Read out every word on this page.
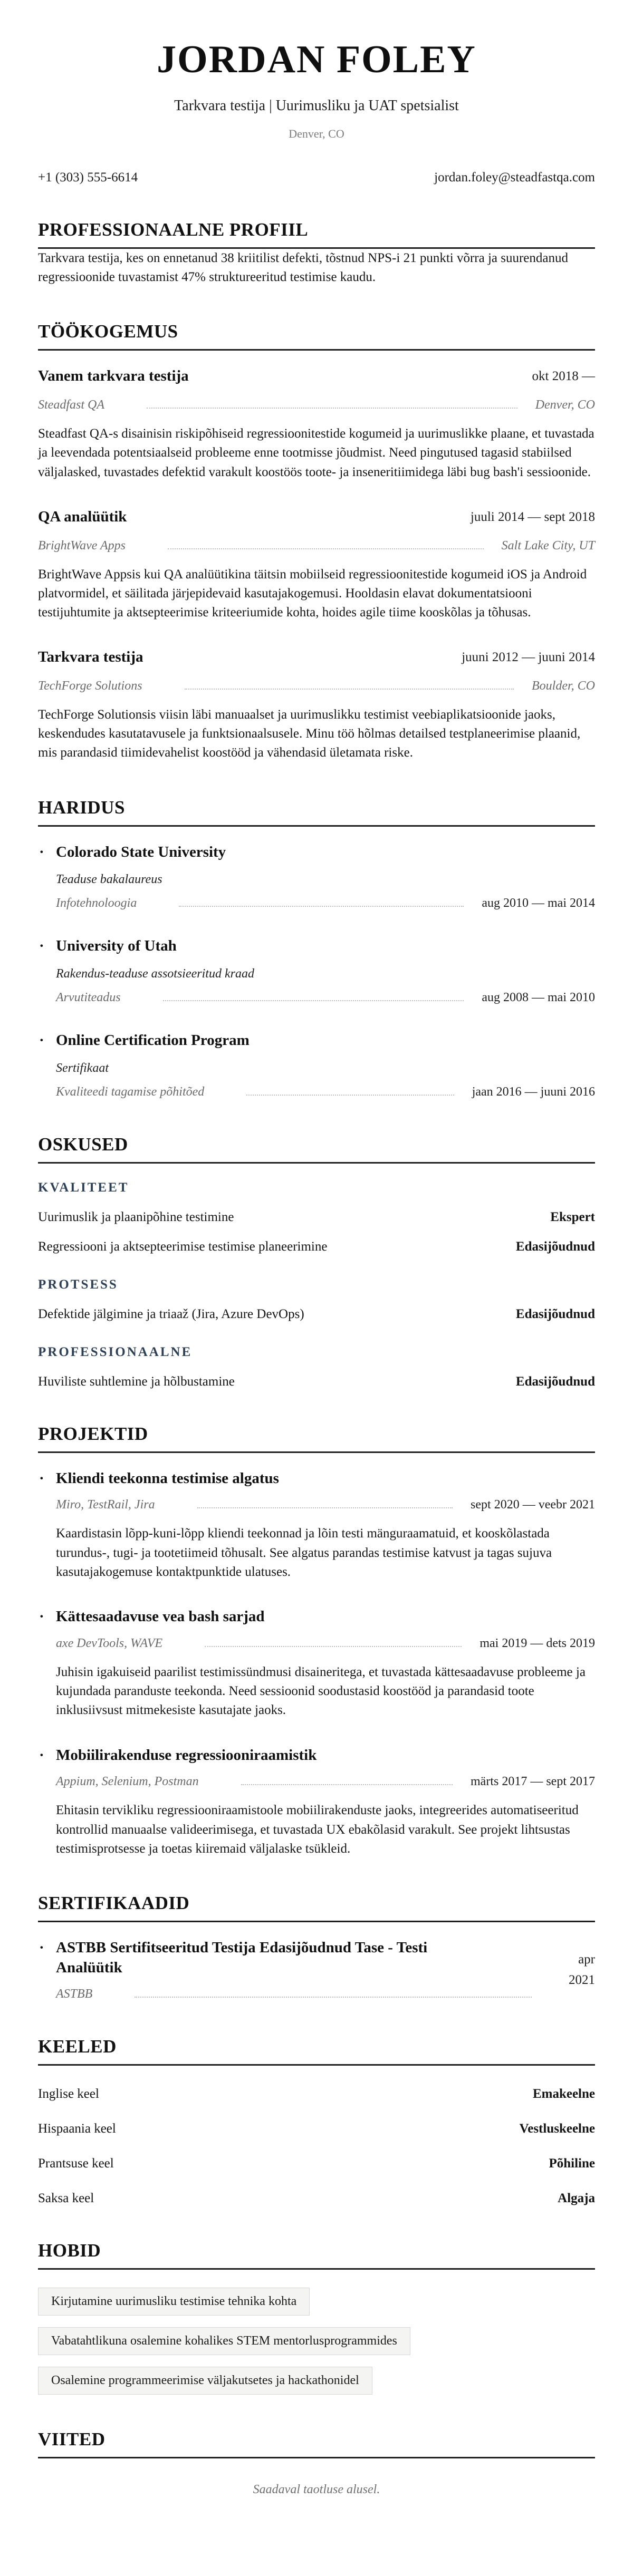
JORDAN FOLEY

Tarkvara testija | Uurimusliku ja UAT spetsialist

Denver, CO

+1 (303) 555-6614	jordan.foley@steadfastqa.com
PROFESSIONAALNE PROFIIL

Tarkvara testija, kes on ennetanud 38 kriitilist defekti, tõstnud NPS-i 21 punkti võrra ja suurendanud regressioonide tuvastamist 47% struktureeritud testimise kaudu.

TÖÖKOGEMUS
Vanem tarkvara testija	okt 2018 —
Steadfast QA	Denver, CO

Steadfast QA-s disainisin riskipõhiseid regressioonitestide kogumeid ja uurimuslikke plaane, et tuvastada ja leevendada potentsiaalseid probleeme enne tootmisse jõudmist. Need pingutused tagasid stabiilsed väljalasked, tuvastades defektid varakult koostöös toote- ja inseneritiimidega läbi bug bash'i sessioonide.

QA analüütik	juuli 2014 — sept 2018
BrightWave Apps	Salt Lake City, UT

BrightWave Appsis kui QA analüütikina täitsin mobiilseid regressioonitestide kogumeid iOS ja Android platvormidel, et säilitada järjepidevaid kasutajakogemusi. Hooldasin elavat dokumentatsiooni testijuhtumite ja aktsepteerimise kriteeriumide kohta, hoides agile tiime kooskõlas ja tõhusas.

Tarkvara testija	juuni 2012 — juuni 2014
TechForge Solutions	Boulder, CO

TechForge Solutionsis viisin läbi manuaalset ja uurimuslikku testimist veebiaplikatsioonide jaoks, keskendudes kasutatavusele ja funktsionaalsusele. Minu töö hõlmas detailsed testplaneerimise plaanid, mis parandasid tiimidevahelist koostööd ja vähendasid ületamata riske.

HARIDUS
· Colorado State University

Teaduse bakalaureus

Infotehnoloogia	aug 2010 — mai 2014
· University of Utah

Rakendus-teaduse assotsieeritud kraad

Arvutiteadus	aug 2008 — mai 2010
· Online Certification Program

Sertifikaat

Kvaliteedi tagamise põhitõed	jaan 2016 — juuni 2016
OSKUSED
KVALITEET
Uurimuslik ja plaanipõhine testimine	Ekspert
Regressiooni ja aktsepteerimise testimise planeerimine	Edasijõudnud
PROTSESS
Defektide jälgimine ja triaaž (Jira, Azure DevOps)	Edasijõudnud
PROFESSIONAALNE
Huviliste suhtlemine ja hõlbustamine	Edasijõudnud
PROJEKTID
· Kliendi teekonna testimise algatus
Miro, TestRail, Jira	sept 2020 — veebr 2021

Kaardistasin lõpp-kuni-lõpp kliendi teekonnad ja lõin testi mänguraamatuid, et kooskõlastada turundus-, tugi- ja tootetiimeid tõhusalt. See algatus parandas testimise katvust ja tagas sujuva kasutajakogemuse kontaktpunktide ulatuses.

· Kättesaadavuse vea bash sarjad
axe DevTools, WAVE	mai 2019 — dets 2019

Juhisin igakuiseid paarilist testimissündmusi disaineritega, et tuvastada kättesaadavuse probleeme ja kujundada paranduste teekonda. Need sessioonid soodustasid koostööd ja parandasid toote inklusiivsust mitmekesiste kasutajate jaoks.

· Mobiilirakenduse regressiooniraamistik
Appium, Selenium, Postman	märts 2017 — sept 2017

Ehitasin tervikliku regressiooniraamistoole mobiilirakenduste jaoks, integreerides automatiseeritud kontrollid manuaalse valideerimisega, et tuvastada UX ebakõlasid varakult. See projekt lihtsustas testimisprotsesse ja toetas kiiremaid väljalaske tsükleid.

SERTIFIKAADID
· ASTBB Sertifitseeritud Testija Edasijõudnud Tase - Testi Analüütik
ASTBB
apr 2021
KEELED
Inglise keel	Emakeelne
Hispaania keel	Vestluskeelne
Prantsuse keel	Põhiline
Saksa keel	Algaja
HOBID
Kirjutamine uurimusliku testimise tehnika kohta
Vabatahtlikuna osalemine kohalikes STEM mentorlusprogrammides
Osalemine programmeerimise väljakutsetes ja hackathonidel
VIITED

Saadaval taotluse alusel.
